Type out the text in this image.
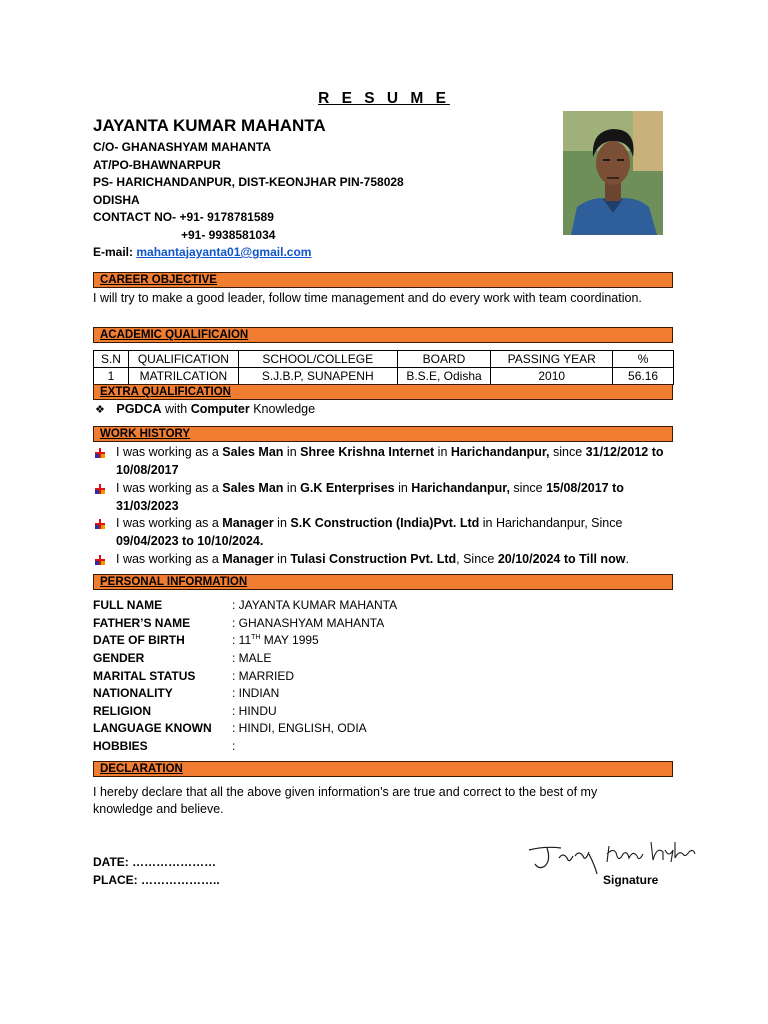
R E S U M E
JAYANTA KUMAR MAHANTA
C/O- GHANASHYAM MAHANTA
AT/PO-BHAWNARPUR
PS- HARICHANDANPUR, DIST-KEONJHAR PIN-758028
ODISHA
CONTACT NO- +91- 9178781589
+91- 9938581034
E-mail: mahantajayanta01@gmail.com
CAREER OBJECTIVE
I will try to make a good leader, follow time management and do every work with team coordination.
ACADEMIC QUALIFICAION
S.N	QUALIFICATION	SCHOOL/COLLEGE	BOARD	PASSING YEAR	%
1	MATRILCATION	S.J.B.P, SUNAPENH	B.S.E, Odisha	2010	56.16
EXTRA QUALIFICATION
❖ PGDCA with Computer Knowledge
WORK HISTORY
I was working as a Sales Man in Shree Krishna Internet in Harichandanpur, since 31/12/2012 to 10/08/2017
I was working as a Sales Man in G.K Enterprises in Harichandanpur, since 15/08/2017 to 31/03/2023
I was working as a Manager in S.K Construction (India)Pvt. Ltd in Harichandanpur, Since 09/04/2023 to 10/10/2024.
I was working as a Manager in Tulasi Construction Pvt. Ltd, Since 20/10/2024 to Till now.
PERSONAL INFORMATION
FULL NAME	: JAYANTA KUMAR MAHANTA
FATHER’S NAME	: GHANASHYAM MAHANTA
DATE OF BIRTH	: 11TH MAY 1995
GENDER	: MALE
MARITAL STATUS	: MARRIED
NATIONALITY	: INDIAN
RELIGION	: HINDU
LANGUAGE KNOWN : HINDI, ENGLISH, ODIA
HOBBIES	:
DECLARATION
I hereby declare that all the above given information’s are true and correct to the best of my knowledge and believe.
DATE: …………………
PLACE: ………………..	Signature
